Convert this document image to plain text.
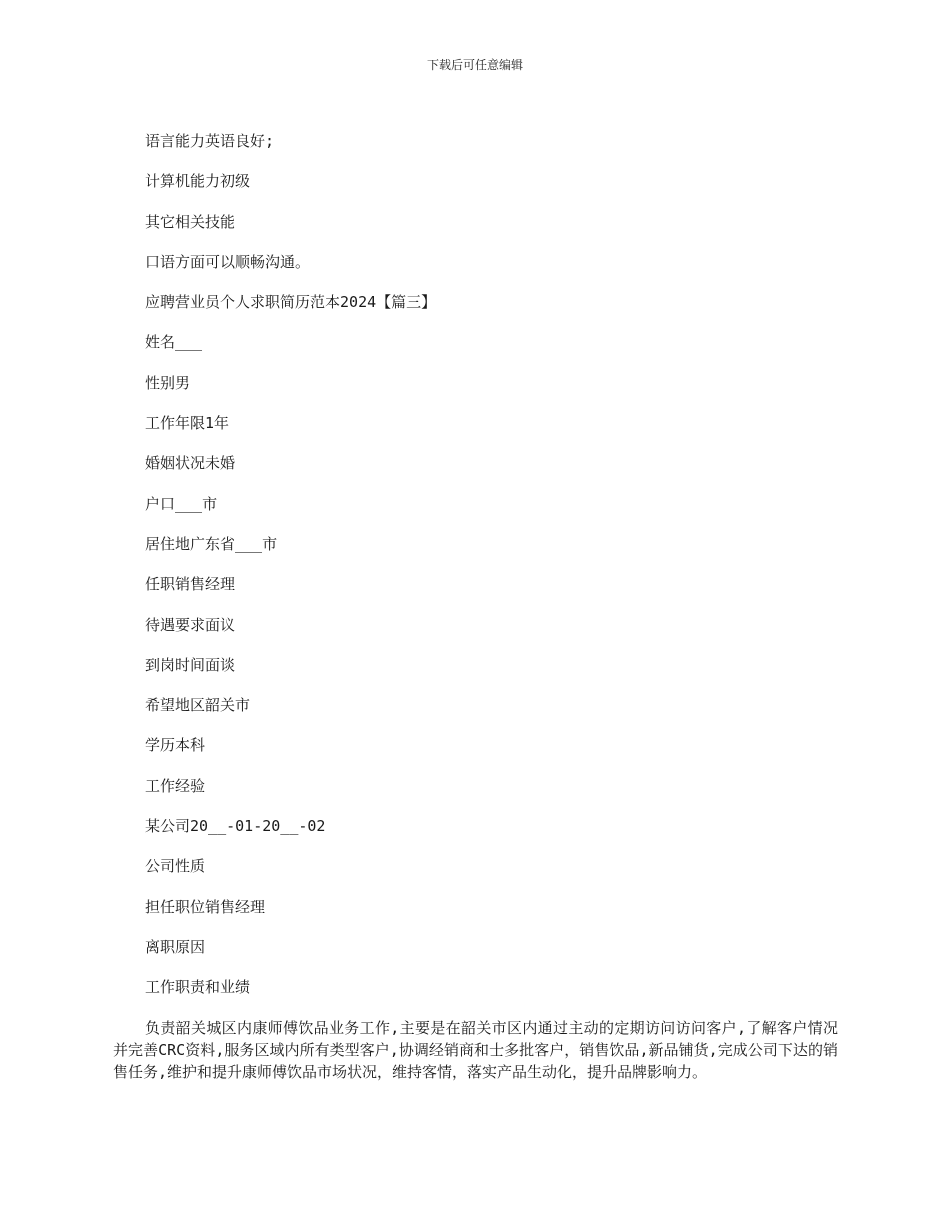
下载后可任意编辑
语言能力英语良好;
计算机能力初级
其它相关技能
口语方面可以顺畅沟通。
应聘营业员个人求职简历范本2024【篇三】
姓名___
性别男
工作年限1年
婚姻状况未婚
户口___市
居住地广东省___市
任职销售经理
待遇要求面议
到岗时间面谈
希望地区韶关市
学历本科
工作经验
某公司20__-01-20__-02
公司性质
担任职位销售经理
离职原因
工作职责和业绩

负责韶关城区内康师傅饮品业务工作,主要是在韶关市区内通过主动的定期访问访问客户,了解客户情况并完善CRC资料,服务区域内所有类型客户,协调经销商和士多批客户，销售饮品,新品铺货,完成公司下达的销售任务,维护和提升康师傅饮品市场状况，维持客情，落实产品生动化，提升品牌影响力。
